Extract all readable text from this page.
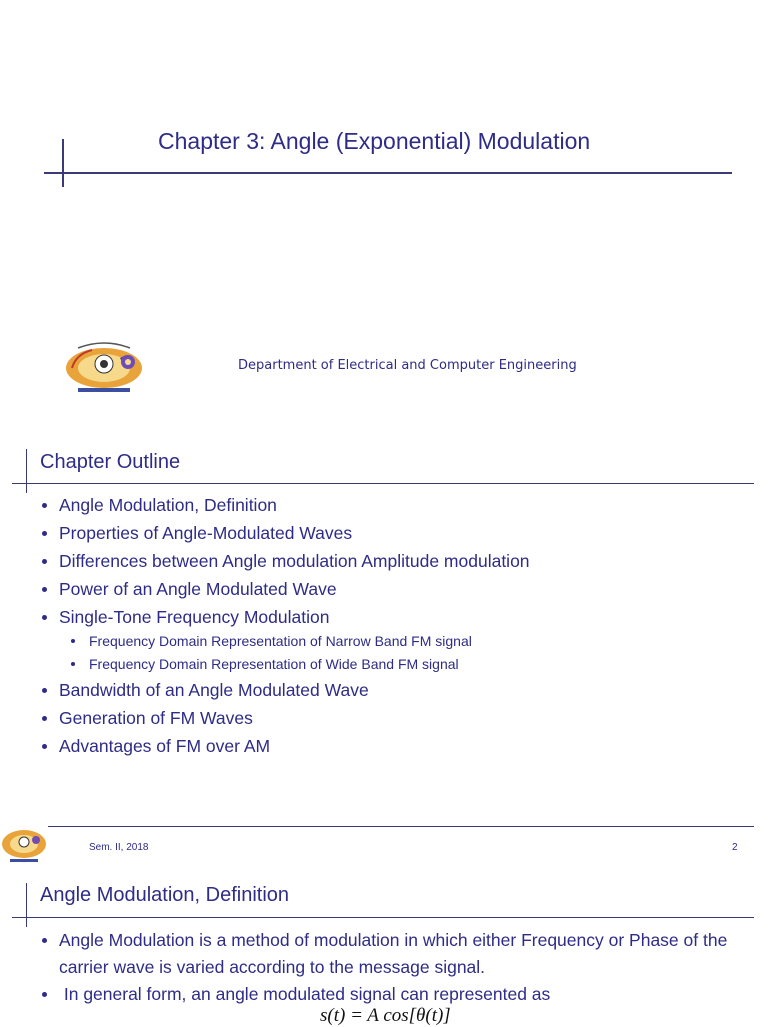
Chapter 3: Angle (Exponential) Modulation
Department of Electrical and Computer Engineering
Chapter Outline
Angle Modulation, Definition
Properties of Angle-Modulated Waves
Differences between Angle modulation Amplitude modulation
Power of an Angle Modulated Wave
Single-Tone Frequency Modulation
Frequency Domain Representation of Narrow Band FM signal
Frequency Domain Representation of Wide Band FM signal
Bandwidth of an Angle Modulated Wave
Generation of FM Waves
Advantages of FM over AM
Sem. II, 2018	2
Angle Modulation, Definition

Angle Modulation is a method of modulation in which either Frequency or Phase of the carrier wave is varied according to the message signal.

In general form, an angle modulated signal can represented as

s(t) = A cos[θ(t)]
